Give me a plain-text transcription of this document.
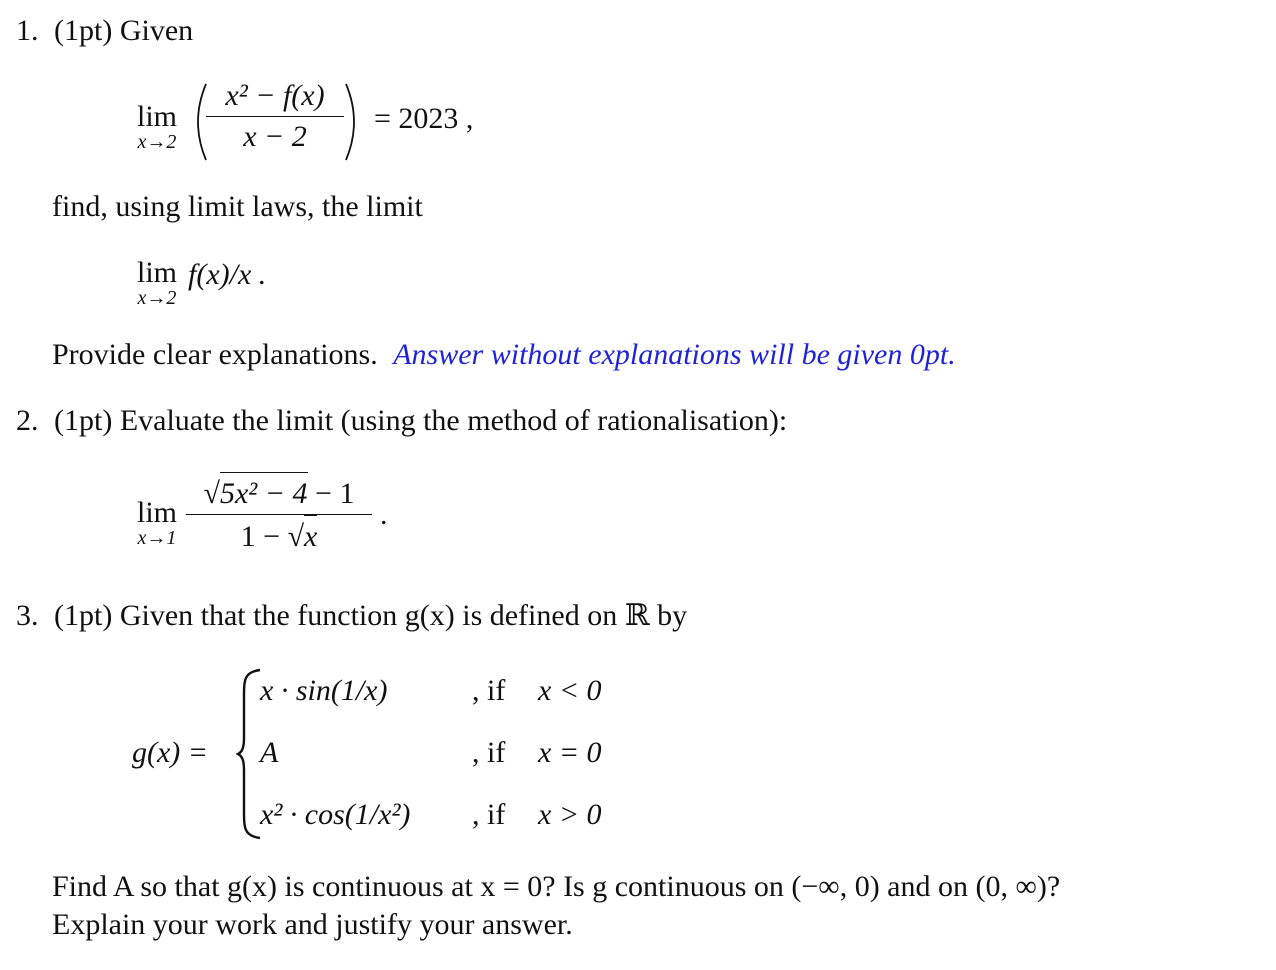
1. (1pt) Given
lim
x→2
x² − f(x)
x − 2
= 2023 ,
find, using limit laws, the limit
lim
x→2
f(x)/x .
Provide clear explanations. Answer without explanations will be given 0pt.
2. (1pt) Evaluate the limit (using the method of rationalisation):
lim
x→1
√5x² − 4 − 1
1 − √x
.
3. (1pt) Given that the function g(x) is defined on ℝ by
g(x) =
x · sin(1/x)	, if x < 0
A	, if x = 0
x² · cos(1/x²) , if x > 0
Find A so that g(x) is continuous at x = 0? Is g continuous on (−∞, 0) and on (0, ∞)?
Explain your work and justify your answer.
